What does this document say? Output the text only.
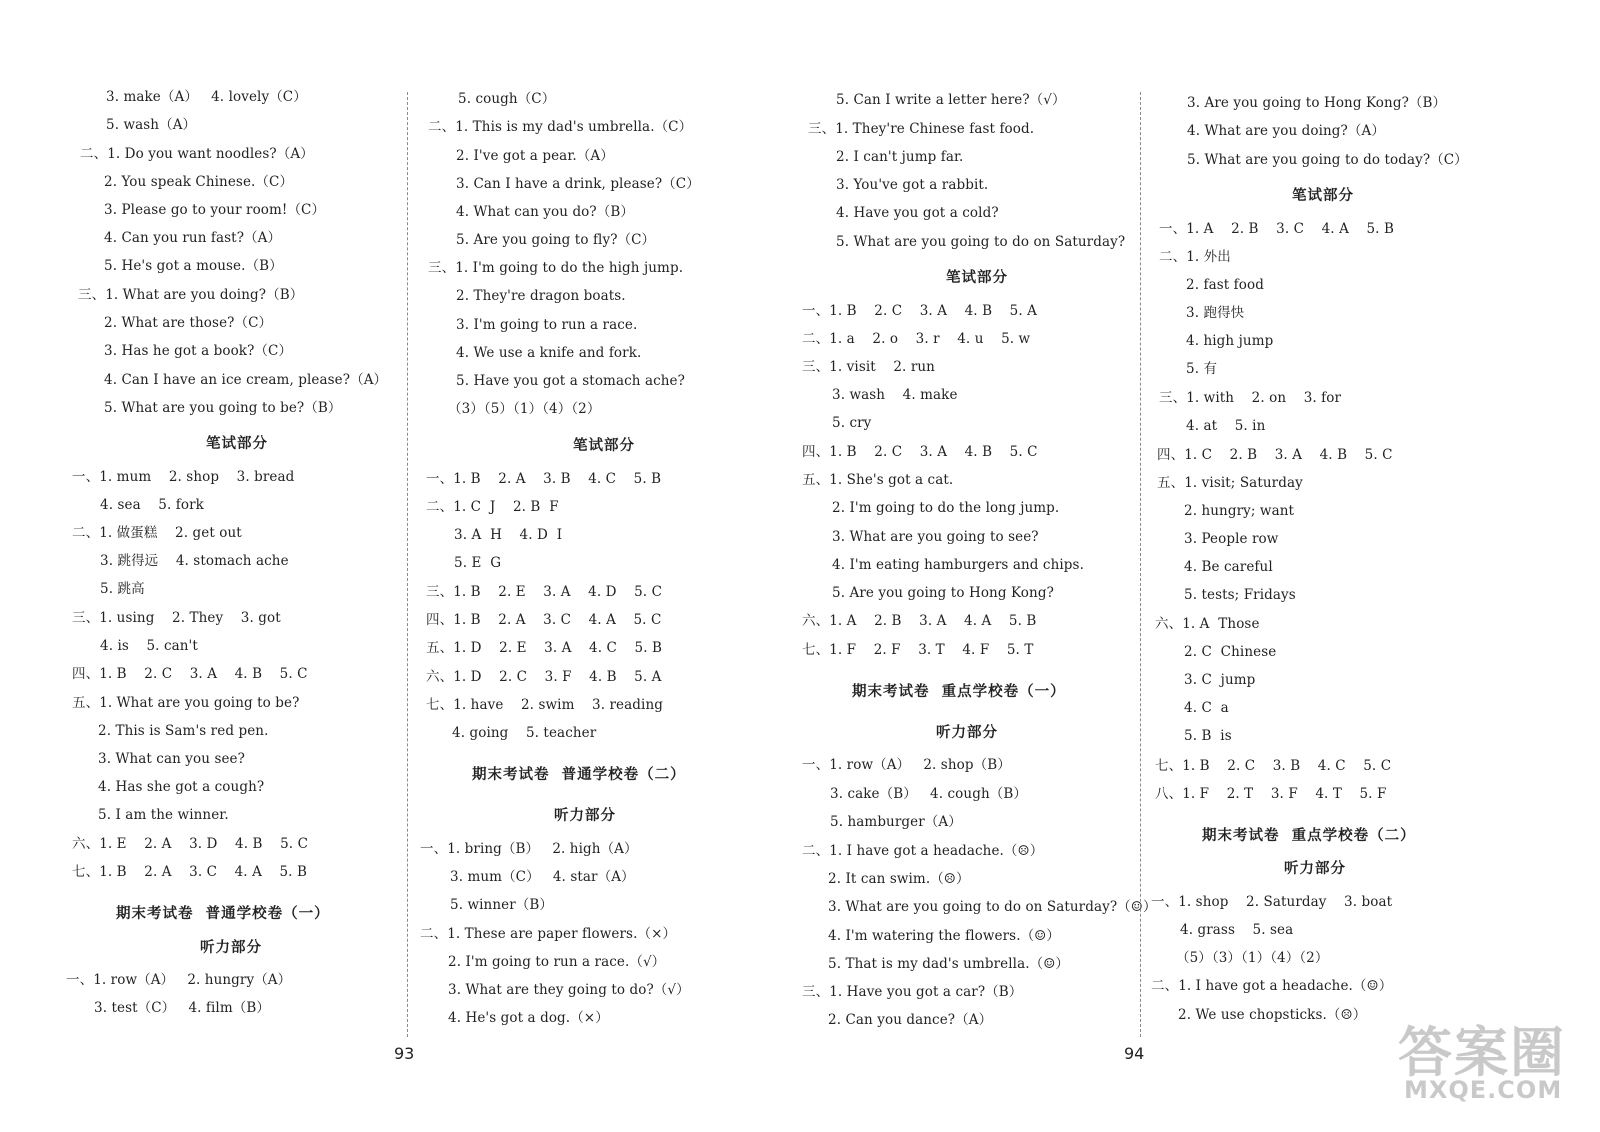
3. make（A）   4. lovely（C）
5. wash（A）
二、1. Do you want noodles?（A）
2. You speak Chinese.（C）
3. Please go to your room!（C）
4. Can you run fast?（A）
5. He's got a mouse.（B）
三、1. What are you doing?（B）
2. What are those?（C）
3. Has he got a book?（C）
4. Can I have an ice cream, please?（A）
5. What are you going to be?（B）
笔试部分
一、1. mum    2. shop    3. bread
4. sea    5. fork
二、1. 做蛋糕    2. get out
3. 跳得远    4. stomach ache
5. 跳高
三、1. using    2. They    3. got
4. is    5. can't
四、1. B    2. C    3. A    4. B    5. C
五、1. What are you going to be?
2. This is Sam's red pen.
3. What can you see?
4. Has she got a cough?
5. I am the winner.
六、1. E    2. A    3. D    4. B    5. C
七、1. B    2. A    3. C    4. A    5. B
期末考试卷  普通学校卷（一）
听力部分
一、1. row（A）   2. hungry（A）
3. test（C）   4. film（B）
5. cough（C）
二、1. This is my dad's umbrella.（C）
2. I've got a pear.（A）
3. Can I have a drink, please?（C）
4. What can you do?（B）
5. Are you going to fly?（C）
三、1. I'm going to do the high jump.
2. They're dragon boats.
3. I'm going to run a race.
4. We use a knife and fork.
5. Have you got a stomach ache?
（3）（5）（1）（4）（2）
笔试部分
一、1. B    2. A    3. B    4. C    5. B
二、1. C  J    2. B  F
3. A  H    4. D  I
5. E  G
三、1. B    2. E    3. A    4. D    5. C
四、1. B    2. A    3. C    4. A    5. C
五、1. D    2. E    3. A    4. C    5. B
六、1. D    2. C    3. F    4. B    5. A
七、1. have    2. swim    3. reading
4. going    5. teacher
期末考试卷  普通学校卷（二）
听力部分
一、1. bring（B）   2. high（A）
3. mum（C）   4. star（A）
5. winner（B）
二、1. These are paper flowers.（×）
2. I'm going to run a race.（√）
3. What are they going to do?（√）
4. He's got a dog.（×）
93
5. Can I write a letter here?（√）
三、1. They're Chinese fast food.
2. I can't jump far.
3. You've got a rabbit.
4. Have you got a cold?
5. What are you going to do on Saturday?
笔试部分
一、1. B    2. C    3. A    4. B    5. A
二、1. a    2. o    3. r    4. u    5. w
三、1. visit    2. run
3. wash    4. make
5. cry
四、1. B    2. C    3. A    4. B    5. C
五、1. She's got a cat.
2. I'm going to do the long jump.
3. What are you going to see?
4. I'm eating hamburgers and chips.
5. Are you going to Hong Kong?
六、1. A    2. B    3. A    4. A    5. B
七、1. F    2. F    3. T    4. F    5. T
期末考试卷  重点学校卷（一）
听力部分
一、1. row（A）   2. shop（B）
3. cake（B）   4. cough（B）
5. hamburger（A）
二、1. I have got a headache.（☹）
2. It can swim.（☹）
3. What are you going to do on Saturday?（☺）
4. I'm watering the flowers.（☺）
5. That is my dad's umbrella.（☺）
三、1. Have you got a car?（B）
2. Can you dance?（A）
94
3. Are you going to Hong Kong?（B）
4. What are you doing?（A）
5. What are you going to do today?（C）
笔试部分
一、1. A    2. B    3. C    4. A    5. B
二、1. 外出
2. fast food
3. 跑得快
4. high jump
5. 有
三、1. with    2. on    3. for
4. at    5. in
四、1. C    2. B    3. A    4. B    5. C
五、1. visit; Saturday
2. hungry; want
3. People row
4. Be careful
5. tests; Fridays
六、1. A  Those
2. C  Chinese
3. C  jump
4. C  a
5. B  is
七、1. B    2. C    3. B    4. C    5. C
八、1. F    2. T    3. F    4. T    5. F
期末考试卷  重点学校卷（二）
听力部分
一、1. shop    2. Saturday    3. boat
4. grass    5. sea
（5）（3）（1）（4）（2）
二、1. I have got a headache.（☺）
2. We use chopsticks.（☹）
答案圈
MXQE.COM
